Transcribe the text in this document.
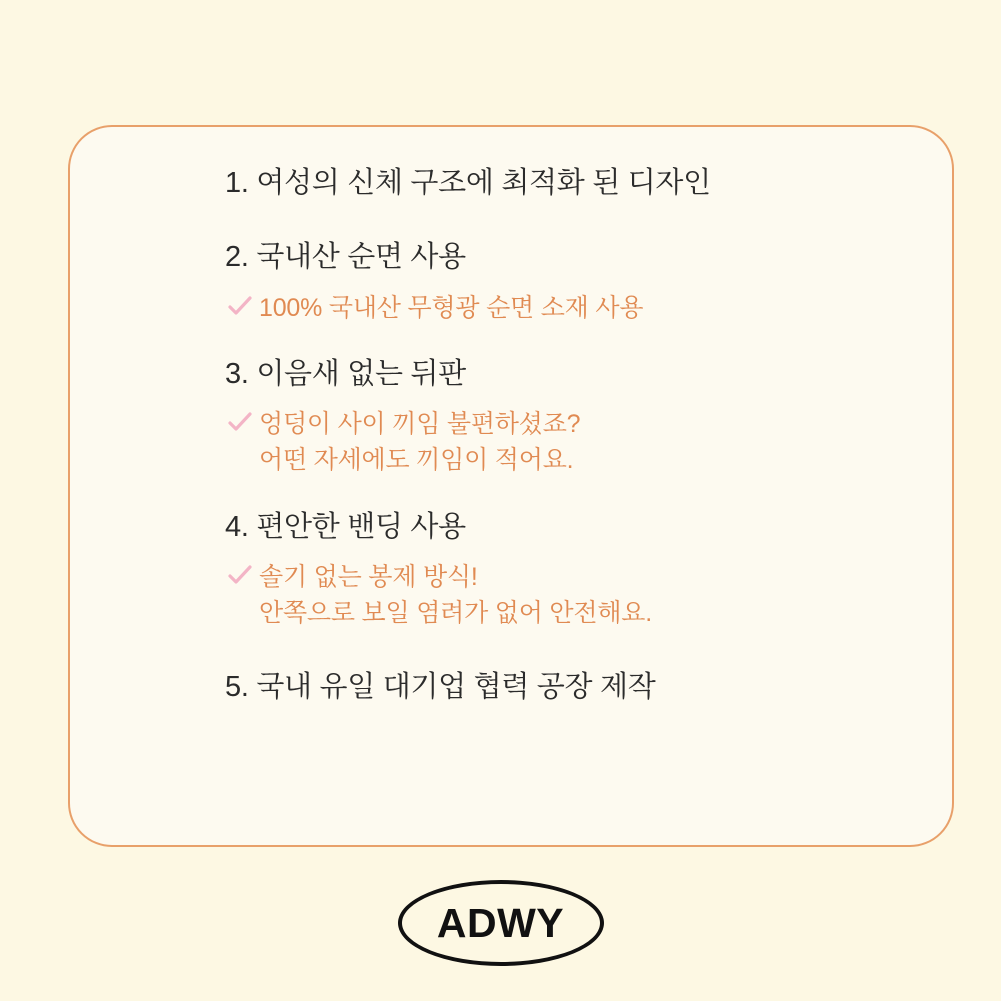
1. 여성의 신체 구조에 최적화 된 디자인
2. 국내산 순면 사용
100% 국내산 무형광 순면 소재 사용
3. 이음새 없는 뒤판
엉덩이 사이 끼임 불편하셨죠?
어떤 자세에도 끼임이 적어요.
4. 편안한 밴딩 사용
솔기 없는 봉제 방식!
안쪽으로 보일 염려가 없어 안전해요.
5. 국내 유일 대기업 협력 공장 제작
ADWY
